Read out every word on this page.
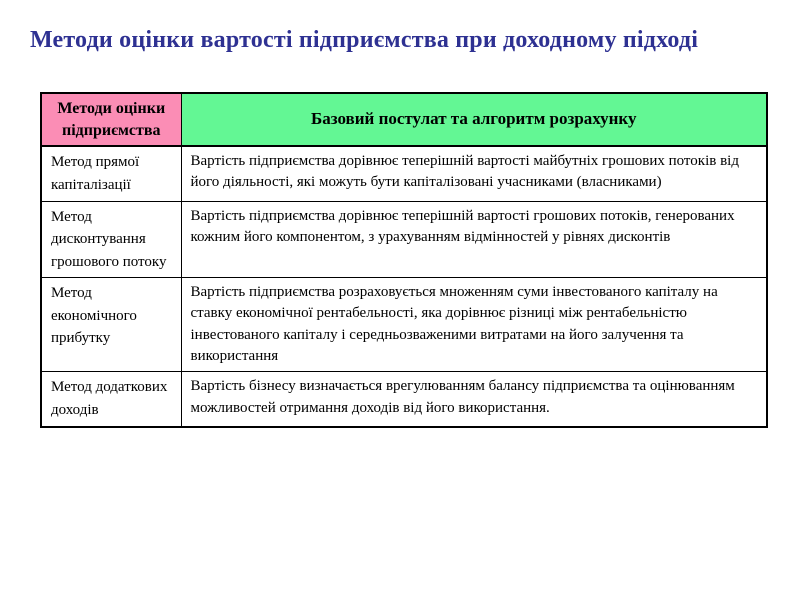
Методи оцінки вартості підприємства при доходному підході
Методи оцінки підприємства	Базовий постулат та алгоритм розрахунку
Метод прямої капіталізації	Вартість підприємства дорівнює теперішній вартості майбутніх грошових потоків від його діяльності, які можуть бути капіталізовані учасниками (власниками)
Метод дисконтування грошового потоку	Вартість підприємства дорівнює теперішній вартості грошових потоків, генерованих кожним його компонентом, з урахуванням відмінностей у рівнях дисконтів
Метод економічного прибутку	Вартість підприємства розраховується множенням суми інвестованого капіталу на ставку економічної рентабельності, яка дорівнює різниці між рентабельністю інвестованого капіталу і середньозваженими витратами на його залучення та використання
Метод додаткових доходів	Вартість бізнесу визначається врегулюванням балансу підприємства та оцінюванням можливостей отримання доходів від його використання.
